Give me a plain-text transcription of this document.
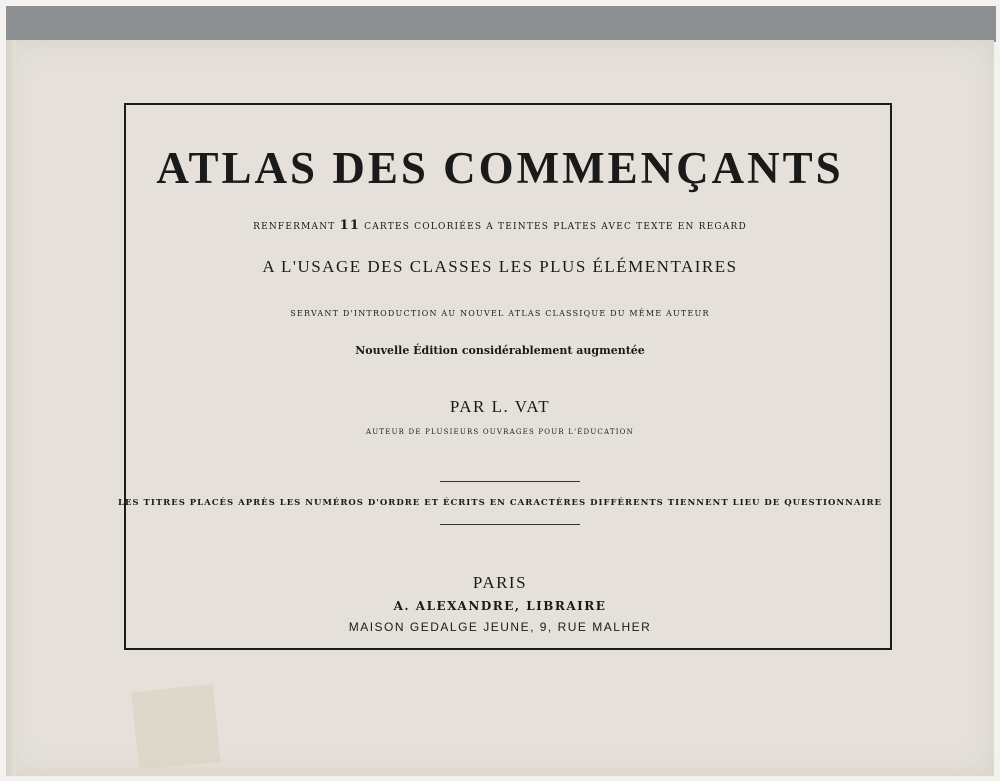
ATLAS DES COMMENÇANTS
RENFERMANT 11 CARTES COLORIÉES A TEINTES PLATES AVEC TEXTE EN REGARD
A L'USAGE DES CLASSES LES PLUS ÉLÉMENTAIRES
SERVANT D'INTRODUCTION AU NOUVEL ATLAS CLASSIQUE DU MÊME AUTEUR
Nouvelle Édition considérablement augmentée
PAR L. VAT
AUTEUR DE PLUSIEURS OUVRAGES POUR L'ÉDUCATION
LES TITRES PLACÉS APRÈS LES NUMÉROS D'ORDRE ET ÉCRITS EN CARACTÈRES DIFFÉRENTS TIENNENT LIEU DE QUESTIONNAIRE
PARIS
A. ALEXANDRE, LIBRAIRE
MAISON GEDALGE JEUNE, 9, RUE MALHER
